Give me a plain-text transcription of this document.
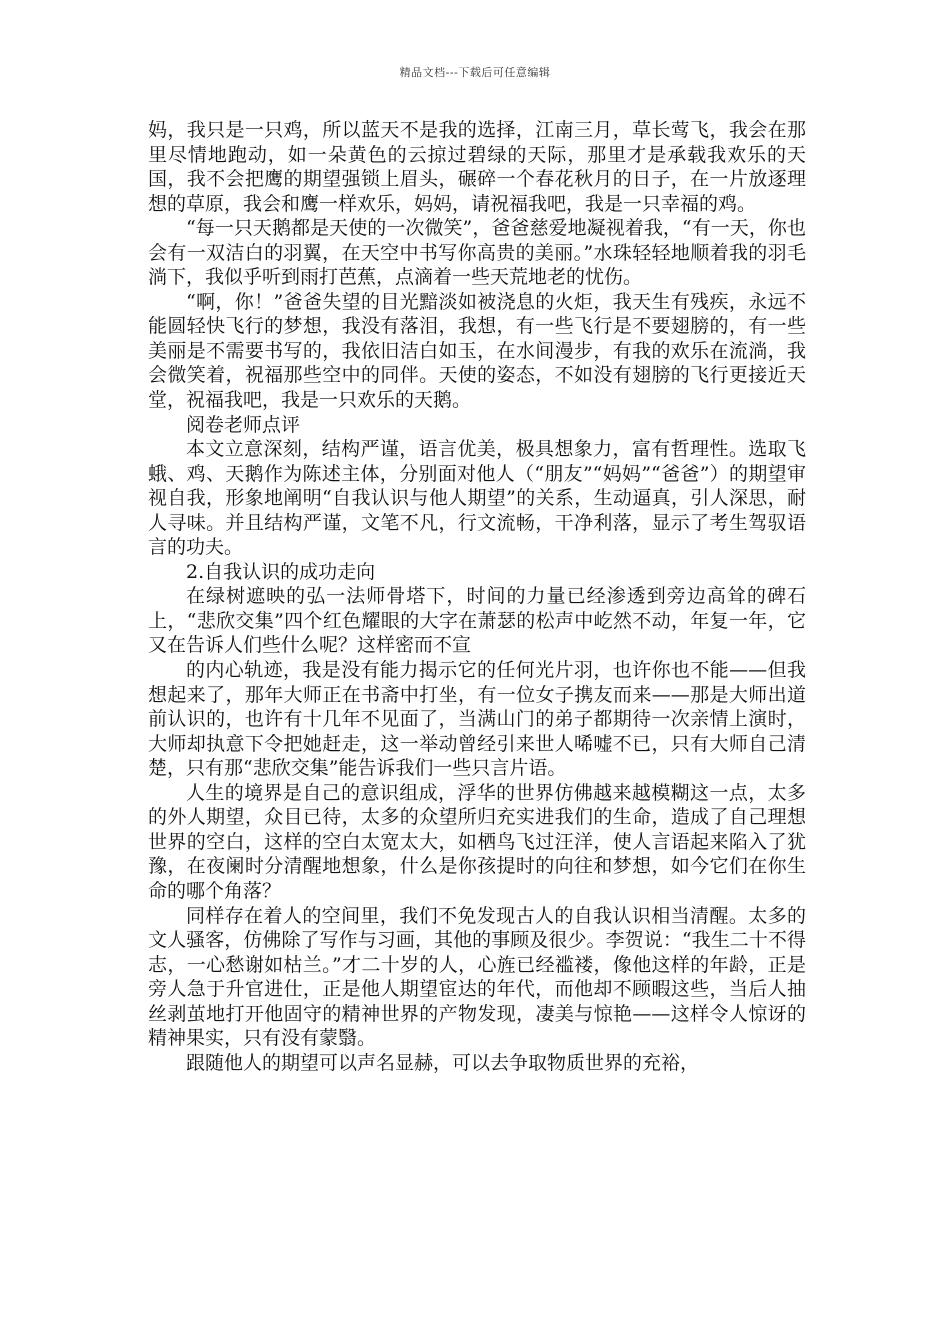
精品文档---下载后可任意编辑

妈，我只是一只鸡，所以蓝天不是我的选择，江南三月，草长莺飞，我会在那里尽情地跑动，如一朵黄色的云掠过碧绿的天际，那里才是承载我欢乐的天国，我不会把鹰的期望强锁上眉头，碾碎一个春花秋月的日子，在一片放逐理想的草原，我会和鹰一样欢乐，妈妈，请祝福我吧，我是一只幸福的鸡。

“每一只天鹅都是天使的一次微笑”，爸爸慈爱地凝视着我，“有一天，你也会有一双洁白的羽翼，在天空中书写你高贵的美丽。”水珠轻轻地顺着我的羽毛淌下，我似乎听到雨打芭蕉，点滴着一些天荒地老的忧伤。

“啊，你！”爸爸失望的目光黯淡如被浇息的火炬，我天生有残疾，永远不能圆轻快飞行的梦想，我没有落泪，我想，有一些飞行是不要翅膀的，有一些美丽是不需要书写的，我依旧洁白如玉，在水间漫步，有我的欢乐在流淌，我会微笑着，祝福那些空中的同伴。天使的姿态，不如没有翅膀的飞行更接近天堂，祝福我吧，我是一只欢乐的天鹅。

阅卷老师点评

本文立意深刻，结构严谨，语言优美，极具想象力，富有哲理性。选取飞蛾、鸡、天鹅作为陈述主体，分别面对他人（“朋友”“妈妈”“爸爸”）的期望审视自我，形象地阐明“自我认识与他人期望”的关系，生动逼真，引人深思，耐人寻味。并且结构严谨，文笔不凡，行文流畅，干净利落，显示了考生驾驭语言的功夫。

2.自我认识的成功走向

在绿树遮映的弘一法师骨塔下，时间的力量已经渗透到旁边高耸的碑石上，“悲欣交集”四个红色耀眼的大字在萧瑟的松声中屹然不动，年复一年，它又在告诉人们些什么呢？这样密而不宣

的内心轨迹，我是没有能力揭示它的任何光片羽，也许你也不能——但我想起来了，那年大师正在书斋中打坐，有一位女子携友而来——那是大师出道前认识的，也许有十几年不见面了，当满山门的弟子都期待一次亲情上演时，大师却执意下令把她赶走，这一举动曾经引来世人唏嘘不已，只有大师自己清楚，只有那“悲欣交集”能告诉我们一些只言片语。

人生的境界是自己的意识组成，浮华的世界仿佛越来越模糊这一点，太多的外人期望，众目已待，太多的众望所归充实进我们的生命，造成了自己理想世界的空白，这样的空白太宽太大，如栖鸟飞过汪洋，使人言语起来陷入了犹豫，在夜阑时分清醒地想象，什么是你孩提时的向往和梦想，如今它们在你生命的哪个角落？

同样存在着人的空间里，我们不免发现古人的自我认识相当清醒。太多的文人骚客，仿佛除了写作与习画，其他的事顾及很少。李贺说：“我生二十不得志，一心愁谢如枯兰。”才二十岁的人，心旌已经褴褛，像他这样的年龄，正是旁人急于升官进仕，正是他人期望宦达的年代，而他却不顾暇这些，当后人抽丝剥茧地打开他固守的精神世界的产物发现，凄美与惊艳——这样令人惊讶的精神果实，只有没有蒙翳。

跟随他人的期望可以声名显赫，可以去争取物质世界的充裕，
